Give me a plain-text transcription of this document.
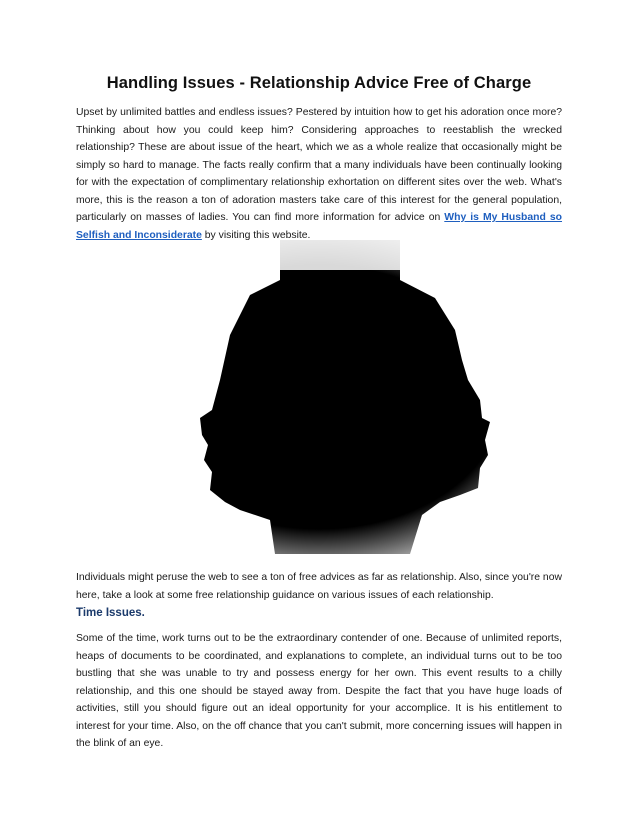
Handling Issues - Relationship Advice Free of Charge
Upset by unlimited battles and endless issues? Pestered by intuition how to get his adoration once more? Thinking about how you could keep him? Considering approaches to reestablish the wrecked relationship? These are about issue of the heart, which we as a whole realize that occasionally might be simply so hard to manage. The facts really confirm that a many individuals have been continually looking for with the expectation of complimentary relationship exhortation on different sites over the web. What's more, this is the reason a ton of adoration masters take care of this interest for the general population, particularly on masses of ladies. You can find more information for advice on Why is My Husband so Selfish and Inconsiderate by visiting this website.
Individuals might peruse the web to see a ton of free advices as far as relationship. Also, since you're now here, take a look at some free relationship guidance on various issues of each relationship.
Time Issues.
Some of the time, work turns out to be the extraordinary contender of one. Because of unlimited reports, heaps of documents to be coordinated, and explanations to complete, an individual turns out to be too bustling that she was unable to try and possess energy for her own. This event results to a chilly relationship, and this one should be stayed away from. Despite the fact that you have huge loads of activities, still you should figure out an ideal opportunity for your accomplice. It is his entitlement to interest for your time. Also, on the off chance that you can't submit, more concerning issues will happen in the blink of an eye.
